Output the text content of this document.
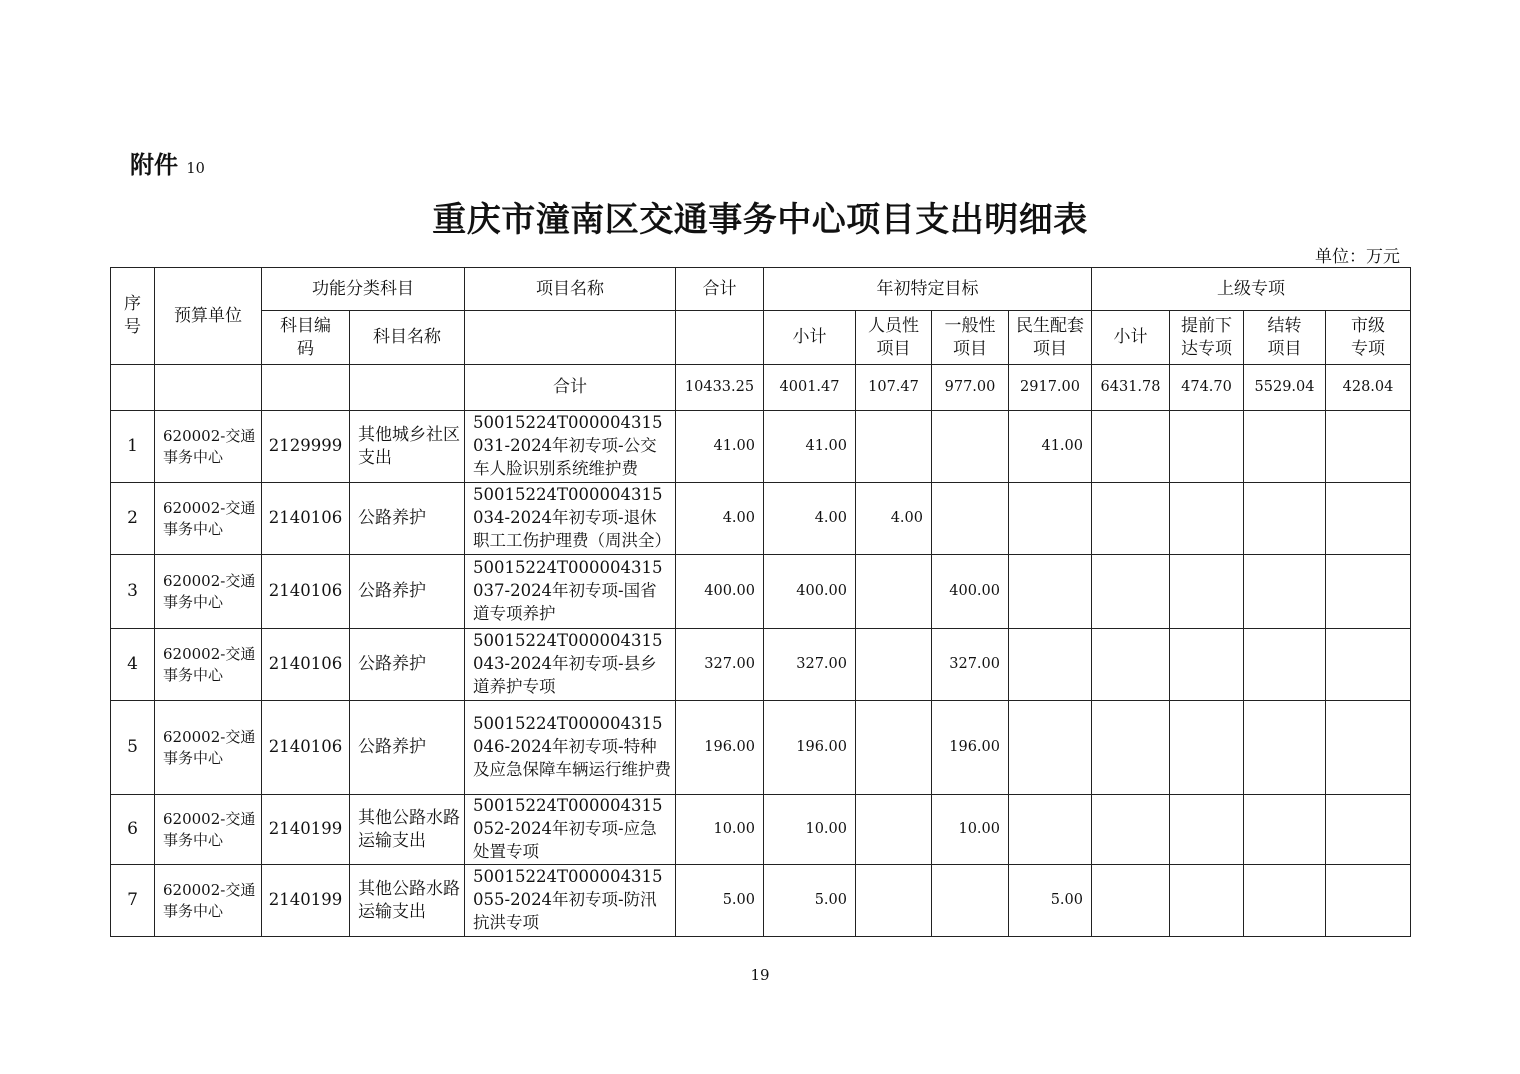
附件 10
重庆市潼南区交通事务中心项目支出明细表
单位：万元
序号	预算单位	功能分类科目		项目名称	合计	年初特定目标				上级专项			
		科目编码	科目名称			小计	人员性项目	一般性项目	民生配套项目	小计	提前下达专项	结转项目	市级专项
				合计	10433.25	4001.47	107.47	977.00	2917.00	6431.78	474.70	5529.04	428.04
1	620002-交通事务中心	2129999	其他城乡社区支出	50015224T000004315031-2024年初专项-公交车人脸识别系统维护费	41.00	41.00			41.00				
2	620002-交通事务中心	2140106	公路养护	50015224T000004315034-2024年初专项-退休职工工伤护理费（周洪全）	4.00	4.00	4.00						
3	620002-交通事务中心	2140106	公路养护	50015224T000004315037-2024年初专项-国省道专项养护	400.00	400.00		400.00					
4	620002-交通事务中心	2140106	公路养护	50015224T000004315043-2024年初专项-县乡道养护专项	327.00	327.00		327.00					
5	620002-交通事务中心	2140106	公路养护	50015224T000004315046-2024年初专项-特种及应急保障车辆运行维护费	196.00	196.00		196.00					
6	620002-交通事务中心	2140199	其他公路水路运输支出	50015224T000004315052-2024年初专项-应急处置专项	10.00	10.00		10.00					
7	620002-交通事务中心	2140199	其他公路水路运输支出	50015224T000004315055-2024年初专项-防汛抗洪专项	5.00	5.00			5.00				
19
